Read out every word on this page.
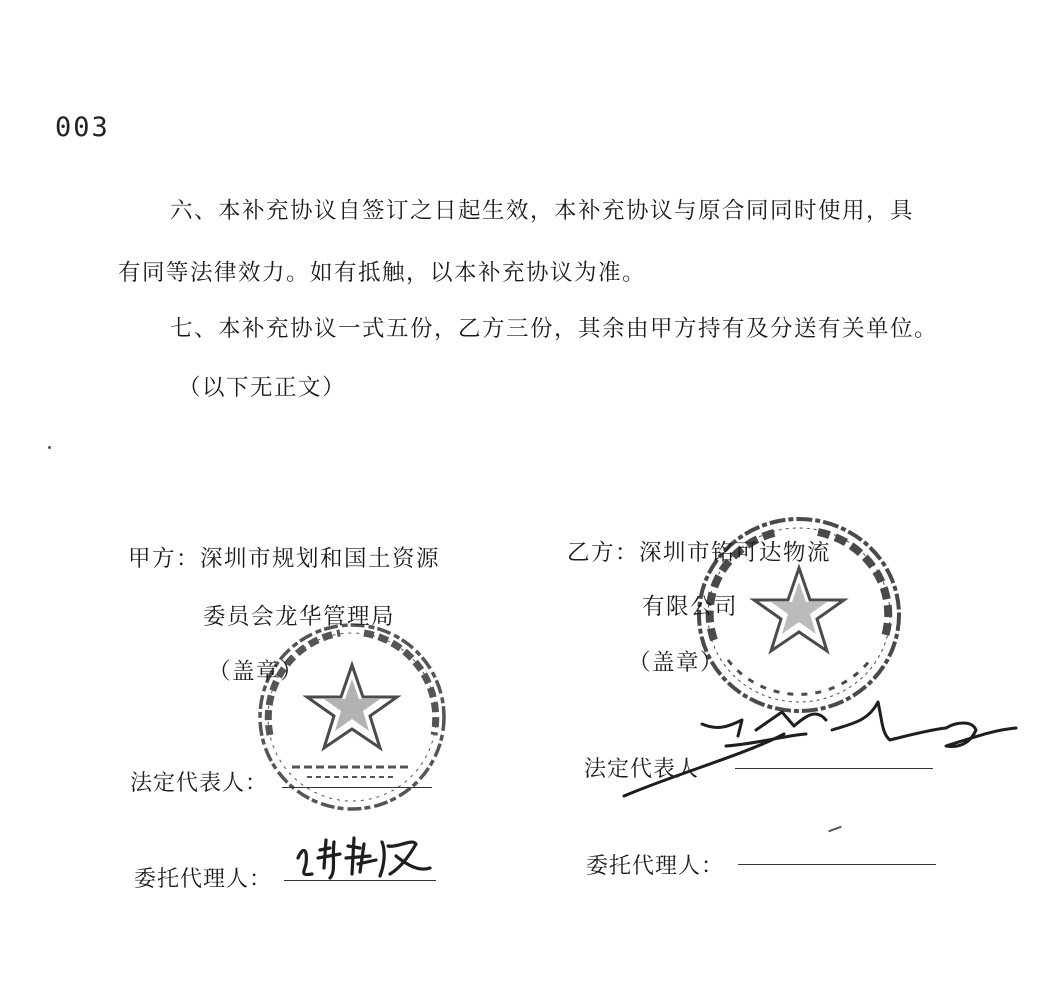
003
六、本补充协议自签订之日起生效，本补充协议与原合同同时使用，具
有同等法律效力。如有抵触，以本补充协议为准。
七、本补充协议一式五份，乙方三份，其余由甲方持有及分送有关单位。
（以下无正文）
甲方：深圳市规划和国土资源
委员会龙华管理局
（盖章）
法定代表人：
委托代理人：
乙方：深圳市铭可达物流
有限公司
（盖章）
法定代表人
委托代理人：
